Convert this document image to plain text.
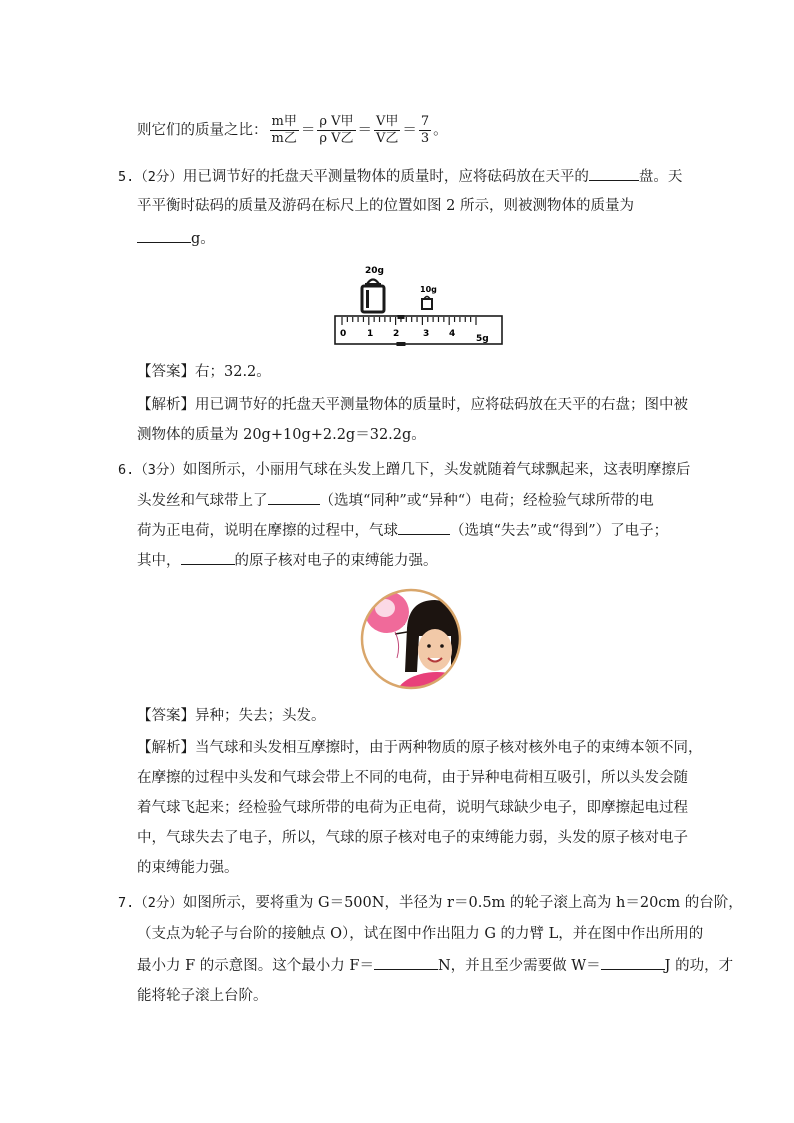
则它们的质量之比： $\frac{\text{m甲}}{\text{m乙}} = \frac{\text{ρ V甲}}{\text{ρ V乙}} = \frac{\text{V甲}}{\text{V乙}} = \frac{7}{3}$ 。
5.（2分）用已调节好的托盘天平测量物体的质量时，应将砝码放在天平的	盘。天
平平衡时砝码的质量及游码在标尺上的位置如图 2 所示，则被测物体的质量为
g。
20g
10g
0 1 2	3 4 5g
【答案】右；32.2。
【解析】用已调节好的托盘天平测量物体的质量时，应将砝码放在天平的右盘；图中被
测物体的质量为 20g+10g+2.2g＝32.2g。
6.（3分）如图所示，小丽用气球在头发上蹭几下，头发就随着气球飘起来，这表明摩擦后
头发丝和气球带上了	（选填“同种”或“异种“）电荷；经检验气球所带的电
荷为正电荷，说明在摩擦的过程中，气球	（选填“失去”或“得到”）了电子；
其中，	的原子核对电子的束缚能力强。
【答案】异种；失去；头发。
【解析】当气球和头发相互摩擦时，由于两种物质的原子核对核外电子的束缚本领不同，
在摩擦的过程中头发和气球会带上不同的电荷，由于异种电荷相互吸引，所以头发会随
着气球飞起来；经检验气球所带的电荷为正电荷，说明气球缺少电子，即摩擦起电过程
中，气球失去了电子，所以，气球的原子核对电子的束缚能力弱，头发的原子核对电子
的束缚能力强。
7.（2分）如图所示，要将重为 G＝500N，半径为 r＝0.5m 的轮子滚上高为 h＝20cm 的台阶，
（支点为轮子与台阶的接触点 O），试在图中作出阻力 G 的力臂 L，并在图中作出所用的
最小力 F 的示意图。这个最小力 F＝	N，并且至少需要做 W＝	J 的功，才
能将轮子滚上台阶。
